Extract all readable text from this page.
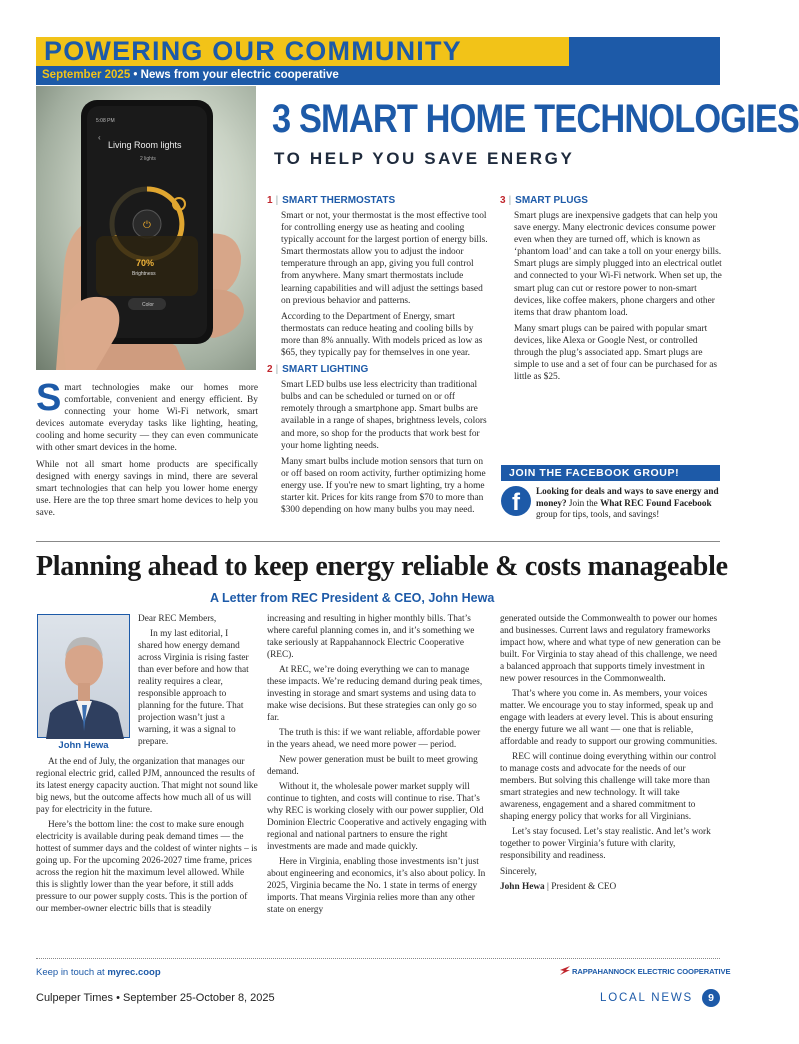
POWERING OUR COMMUNITY
September 2025 • News from your electric cooperative
5:08 PM
‹
Living Room lights
2 lights
⏻
70%
Brightness
Color
3 SMART HOME TECHNOLOGIES
TO HELP YOU SAVE ENERGY

Smart technologies make our homes more comfortable, convenient and energy efficient. By connecting your home Wi-Fi network, smart devices automate everyday tasks like lighting, heating, cooling and home security — they can even communicate with other smart devices in the home.

While not all smart home products are specifically designed with energy savings in mind, there are several smart technologies that can help you lower home energy use. Here are the top three smart home devices to help you save.

1 | SMART THERMOSTATS

Smart or not, your thermostat is the most effective tool for controlling energy use as heating and cooling typically account for the largest portion of energy bills. Smart thermostats allow you to adjust the indoor temperature through an app, giving you full control from anywhere. Many smart thermostats include learning capabilities and will adjust the settings based on previous behavior and patterns.

According to the Department of Energy, smart thermostats can reduce heating and cooling bills by more than 8% annually. With models priced as low as $65, they typically pay for themselves in one year.

2 | SMART LIGHTING

Smart LED bulbs use less electricity than traditional bulbs and can be scheduled or turned on or off remotely through a smartphone app. Smart bulbs are available in a range of shapes, brightness levels, colors and more, so shop for the products that work best for your home lighting needs.

Many smart bulbs include motion sensors that turn on or off based on room activity, further optimizing home energy use. If you're new to smart lighting, try a home starter kit. Prices for kits range from $70 to more than $300 depending on how many bulbs you may need.

3 | SMART PLUGS

Smart plugs are inexpensive gadgets that can help you save energy. Many electronic devices consume power even when they are turned off, which is known as ‘phantom load’ and can take a toll on your energy bills. Smart plugs are simply plugged into an electrical outlet and connected to your Wi-Fi network. When set up, the smart plug can cut or restore power to non-smart devices, like coffee makers, phone chargers and other items that draw phantom load.

Many smart plugs can be paired with popular smart devices, like Alexa or Google Nest, or controlled through the plug’s associated app. Smart plugs are simple to use and a set of four can be purchased for as little as $25.

JOIN THE FACEBOOK GROUP!
f	Looking for deals and ways to save energy and money? Join the What REC Found Facebook group for tips, tools, and savings!
Planning ahead to keep energy reliable & costs manageable
A Letter from REC President & CEO, John Hewa
John Hewa

Dear REC Members,

In my last editorial, I shared how energy demand across Virginia is rising faster than ever before and how that reality requires a clear, responsible approach to planning for the future. That projection wasn’t just a warning, it was a signal to prepare.

At the end of July, the organization that manages our regional electric grid, called PJM, announced the results of its latest energy capacity auction. That might not sound like big news, but the outcome affects how much all of us will pay for electricity in the future.

Here’s the bottom line: the cost to make sure enough electricity is available during peak demand times — the hottest of summer days and the coldest of winter nights – is going up. For the upcoming 2026-2027 time frame, prices across the region hit the maximum level allowed. While this is slightly lower than the year before, it still adds pressure to our power supply costs. This is the portion of our member-owner electric bills that is steadily

increasing and resulting in higher monthly bills. That’s where careful planning comes in, and it’s something we take seriously at Rappahannock Electric Cooperative (REC).

At REC, we’re doing everything we can to manage these impacts. We’re reducing demand during peak times, investing in storage and smart systems and using data to make wise decisions. But these strategies can only go so far.

The truth is this: if we want reliable, affordable power in the years ahead, we need more power — period.

New power generation must be built to meet growing demand.

Without it, the wholesale power market supply will continue to tighten, and costs will continue to rise. That’s why REC is working closely with our power supplier, Old Dominion Electric Cooperative and actively engaging with regional and national partners to ensure the right investments are made and made quickly.

Here in Virginia, enabling those investments isn’t just about engineering and economics, it’s also about policy. In 2025, Virginia became the No. 1 state in terms of energy imports. That means Virginia relies more than any other state on energy

generated outside the Commonwealth to power our homes and businesses. Current laws and regulatory frameworks impact how, where and what type of new generation can be built. For Virginia to stay ahead of this challenge, we need a balanced approach that supports timely investment in new power resources in the Commonwealth.

That’s where you come in. As members, your voices matter. We encourage you to stay informed, speak up and engage with leaders at every level. This is about ensuring the energy future we all want — one that is reliable, affordable and ready to support our growing communities.

REC will continue doing everything within our control to manage costs and advocate for the needs of our members. But solving this challenge will take more than smart strategies and new technology. It will take awareness, engagement and a shared commitment to shaping energy policy that works for all Virginians.

Let’s stay focused. Let’s stay realistic. And let’s work together to power Virginia’s future with clarity, responsibility and readiness.

Sincerely,

John Hewa | President & CEO

Keep in touch at myrec.coop	RAPPAHANNOCK ELECTRIC COOPERATIVE
Culpeper Times • September 25-October 8, 2025	LOCAL NEWS	9
